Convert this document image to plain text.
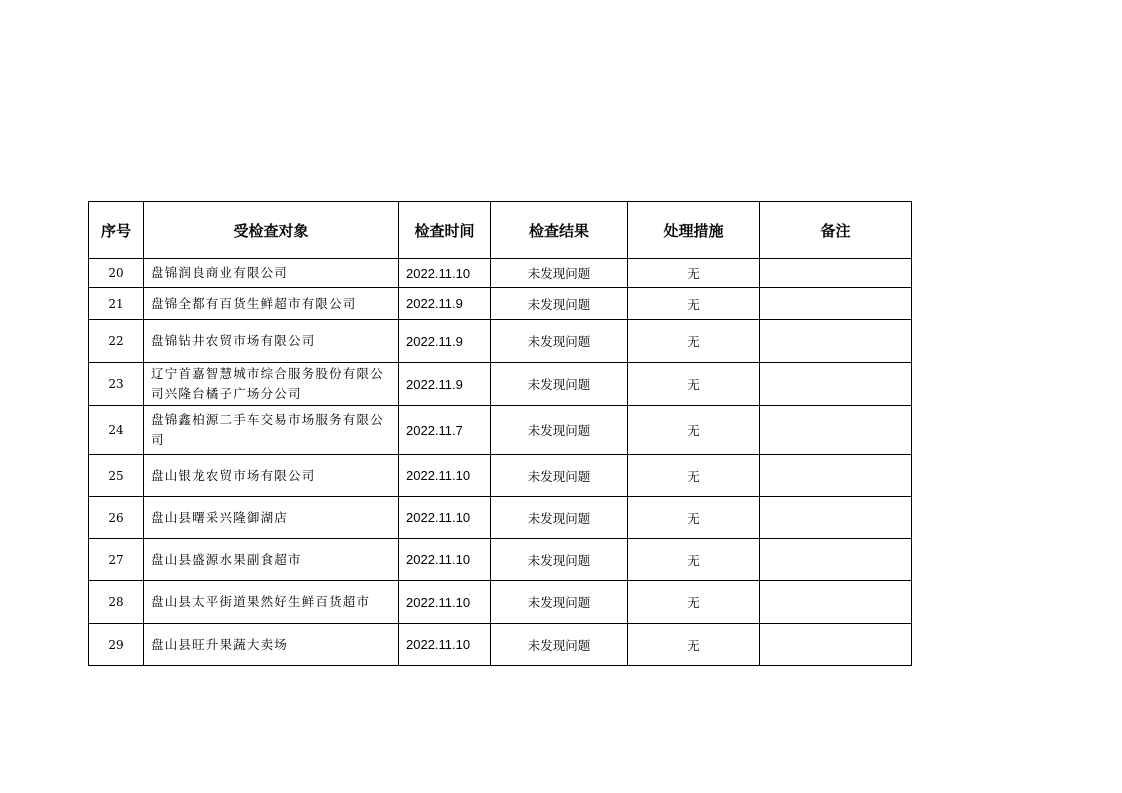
序号	受检查对象	检查时间	检查结果	处理措施	备注
20	盘锦润良商业有限公司	2022.11.10	未发现问题	无	
21	盘锦全都有百货生鲜超市有限公司	2022.11.9	未发现问题	无	
22	盘锦钻井农贸市场有限公司	2022.11.9	未发现问题	无	
23	辽宁首嘉智慧城市综合服务股份有限公司兴隆台橘子广场分公司	2022.11.9	未发现问题	无	
24	盘锦鑫柏源二手车交易市场服务有限公司	2022.11.7	未发现问题	无	
25	盘山银龙农贸市场有限公司	2022.11.10	未发现问题	无	
26	盘山县曙采兴隆御湖店	2022.11.10	未发现问题	无	
27	盘山县盛源水果副食超市	2022.11.10	未发现问题	无	
28	盘山县太平街道果然好生鲜百货超市	2022.11.10	未发现问题	无	
29	盘山县旺升果蔬大卖场	2022.11.10	未发现问题	无	
